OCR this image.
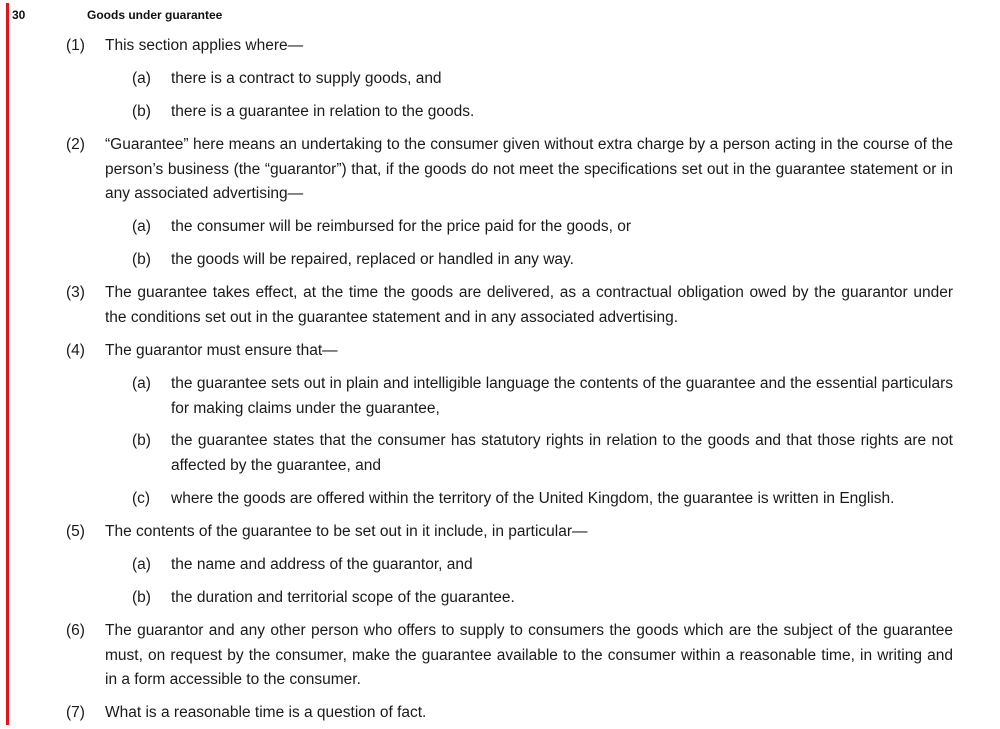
30	Goods under guarantee
(1) This section applies where—
(a) there is a contract to supply goods, and
(b) there is a guarantee in relation to the goods.
(2) “Guarantee” here means an undertaking to the consumer given without extra charge by a person acting in the course of the person’s business (the “guarantor”) that, if the goods do not meet the specifications set out in the guarantee statement or in any associated advertising—
(a) the consumer will be reimbursed for the price paid for the goods, or
(b) the goods will be repaired, replaced or handled in any way.
(3) The guarantee takes effect, at the time the goods are delivered, as a contractual obligation owed by the guarantor under the conditions set out in the guarantee statement and in any associated advertising.
(4) The guarantor must ensure that—
(a) the guarantee sets out in plain and intelligible language the contents of the guarantee and the essential particulars for making claims under the guarantee,
(b) the guarantee states that the consumer has statutory rights in relation to the goods and that those rights are not affected by the guarantee, and
(c) where the goods are offered within the territory of the United Kingdom, the guarantee is written in English.
(5) The contents of the guarantee to be set out in it include, in particular—
(a) the name and address of the guarantor, and
(b) the duration and territorial scope of the guarantee.
(6) The guarantor and any other person who offers to supply to consumers the goods which are the subject of the guarantee must, on request by the consumer, make the guarantee available to the consumer within a reasonable time, in writing and in a form accessible to the consumer.
(7) What is a reasonable time is a question of fact.
